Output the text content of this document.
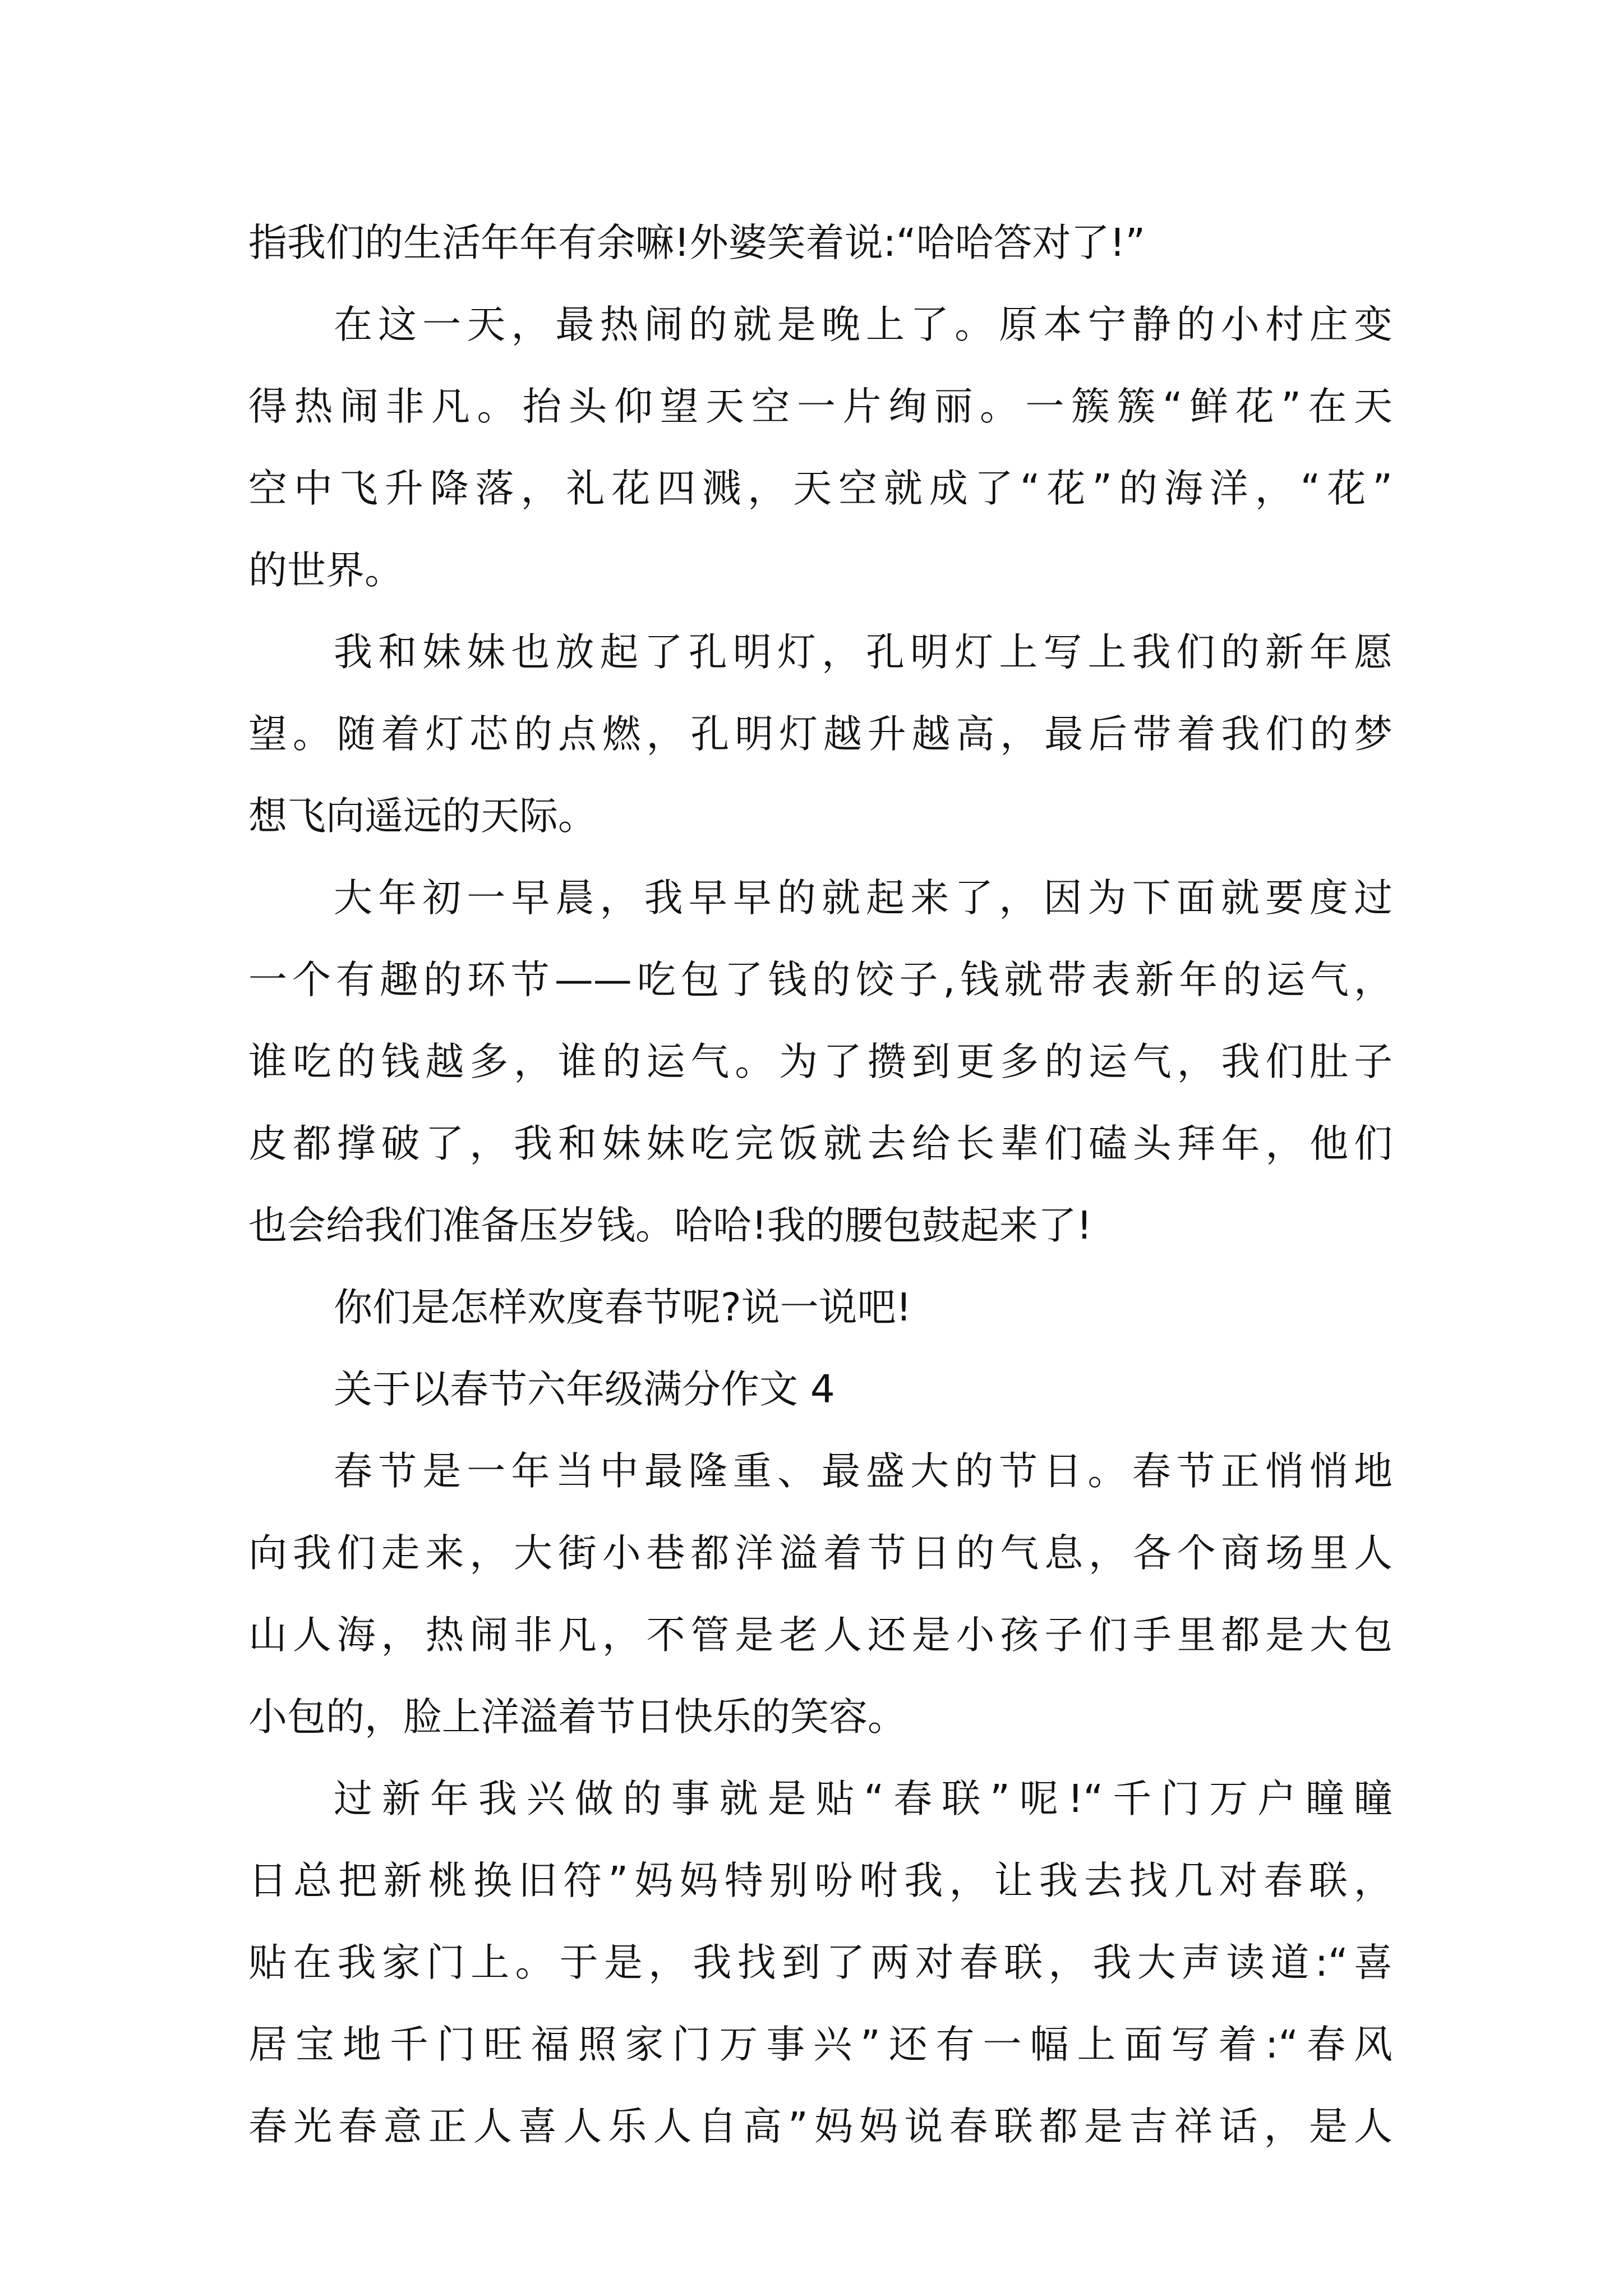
指我们的生活年年有余嘛!外婆笑着说:“哈哈答对了!”
在这一天，最热闹的就是晚上了。原本宁静的小村庄变
得热闹非凡。抬头仰望天空一片绚丽。一簇簇“鲜花”在天
空中飞升降落，礼花四溅，天空就成了“花”的海洋，“花”
的世界。
我和妹妹也放起了孔明灯，孔明灯上写上我们的新年愿
望。随着灯芯的点燃，孔明灯越升越高，最后带着我们的梦
想飞向遥远的天际。
大年初一早晨，我早早的就起来了，因为下面就要度过
一个有趣的环节——吃包了钱的饺子,钱就带表新年的运气，
谁吃的钱越多，谁的运气。为了攒到更多的运气，我们肚子
皮都撑破了，我和妹妹吃完饭就去给长辈们磕头拜年，他们
也会给我们准备压岁钱。哈哈!我的腰包鼓起来了!
你们是怎样欢度春节呢?说一说吧!
关于以春节六年级满分作文 4
春节是一年当中最隆重、最盛大的节日。春节正悄悄地
向我们走来，大街小巷都洋溢着节日的气息，各个商场里人
山人海，热闹非凡，不管是老人还是小孩子们手里都是大包
小包的，脸上洋溢着节日快乐的笑容。
过新年我兴做的事就是贴“春联”呢!“千门万户瞳瞳
日总把新桃换旧符”妈妈特别吩咐我，让我去找几对春联，
贴在我家门上。于是，我找到了两对春联，我大声读道:“喜
居宝地千门旺福照家门万事兴”还有一幅上面写着:“春风
春光春意正人喜人乐人自高”妈妈说春联都是吉祥话，是人
